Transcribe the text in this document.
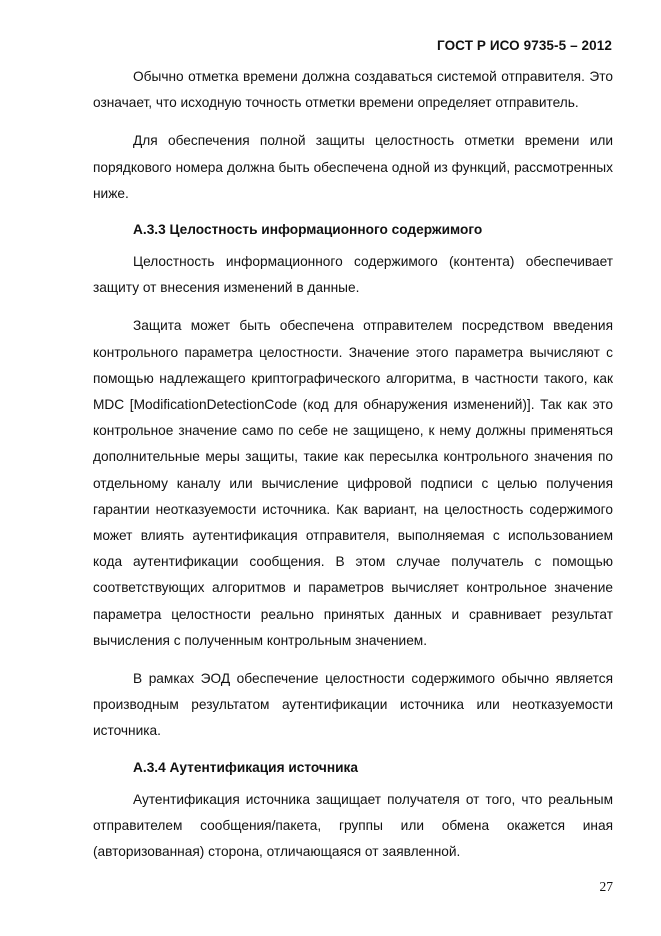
ГОСТ Р ИСО 9735-5 – 2012

Обычно отметка времени должна создаваться системой отправителя. Это означает, что исходную точность отметки времени определяет отправитель.

Для обеспечения полной защиты целостность отметки времени или порядкового номера должна быть обеспечена одной из функций, рассмотренных ниже.

А.3.3 Целостность информационного содержимого

Целостность информационного содержимого (контента) обеспечивает защиту от внесения изменений в данные.

Защита может быть обеспечена отправителем посредством введения контрольного параметра целостности. Значение этого параметра вычисляют с помощью надлежащего криптографического алгоритма, в частности такого, как MDC [ModificationDetectionCode (код для обнаружения изменений)]. Так как это контрольное значение само по себе не защищено, к нему должны применяться дополнительные меры защиты, такие как пересылка контрольного значения по отдельному каналу или вычисление цифровой подписи с целью получения гарантии неотказуемости источника. Как вариант, на целостность содержимого может влиять аутентификация отправителя, выполняемая с использованием кода аутентификации сообщения. В этом случае получатель с помощью соответствующих алгоритмов и параметров вычисляет контрольное значение параметра целостности реально принятых данных и сравнивает результат вычисления с полученным контрольным значением.

В рамках ЭОД обеспечение целостности содержимого обычно является производным результатом аутентификации источника или неотказуемости источника.

А.3.4 Аутентификация источника

Аутентификация источника защищает получателя от того, что реальным отправителем сообщения/пакета, группы или обмена окажется иная (авторизованная) сторона, отличающаяся от заявленной.

27
